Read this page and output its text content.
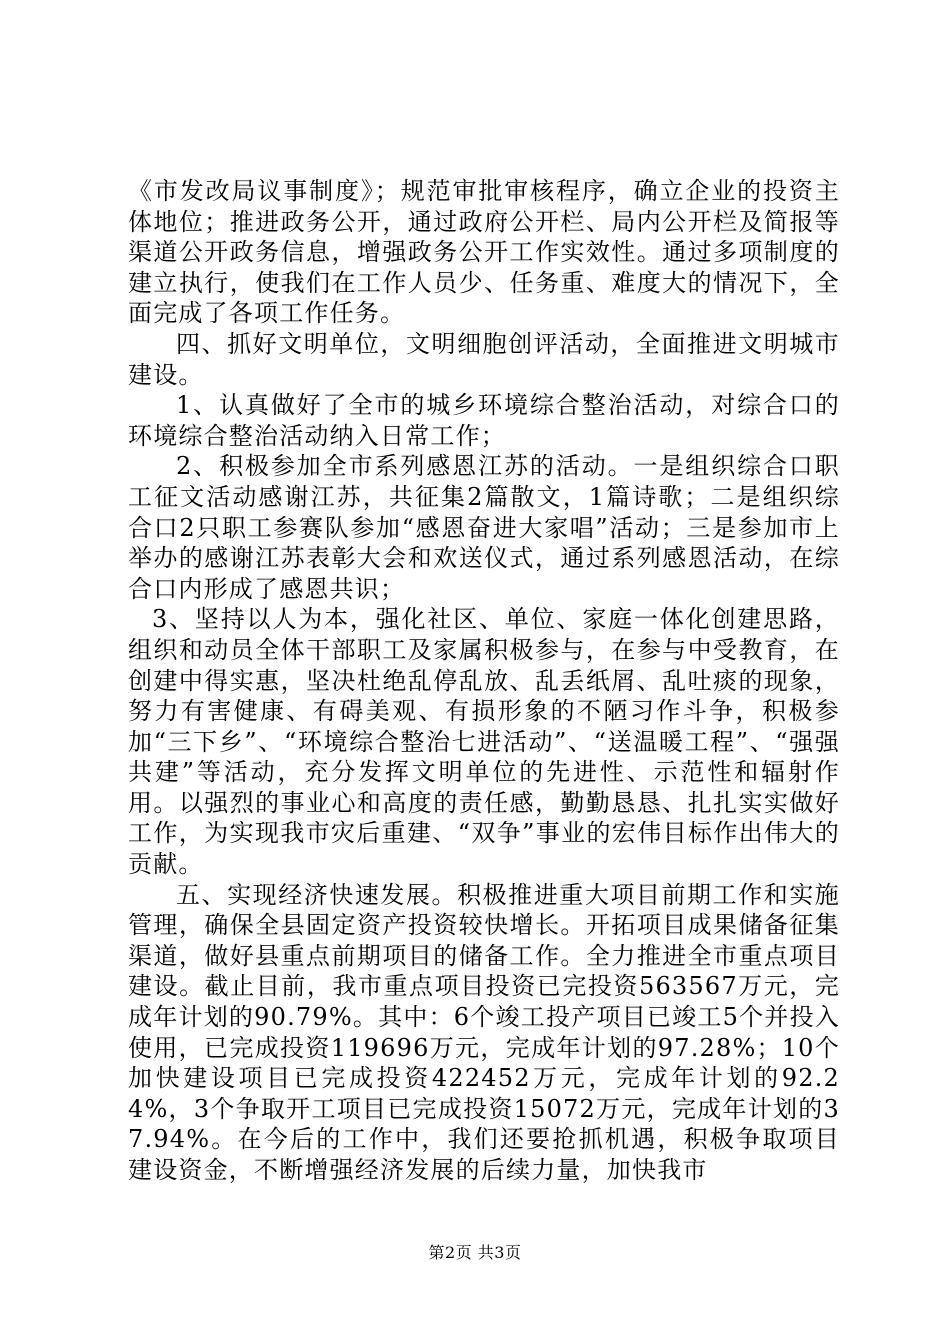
《市发改局议事制度》；规范审批审核程序，确立企业的投资主体地位；推进政务公开，通过政府公开栏、局内公开栏及简报等渠道公开政务信息，增强政务公开工作实效性。通过多项制度的建立执行，使我们在工作人员少、任务重、难度大的情况下，全面完成了各项工作任务。

四、抓好文明单位，文明细胞创评活动，全面推进文明城市建设。

1、认真做好了全市的城乡环境综合整治活动，对综合口的环境综合整治活动纳入日常工作；

2、积极参加全市系列感恩江苏的活动。一是组织综合口职工征文活动感谢江苏，共征集2篇散文，1篇诗歌；二是组织综合口2只职工参赛队参加“感恩奋进大家唱”活动；三是参加市上举办的感谢江苏表彰大会和欢送仪式，通过系列感恩活动，在综合口内形成了感恩共识；

3、坚持以人为本，强化社区、单位、家庭一体化创建思路，组织和动员全体干部职工及家属积极参与，在参与中受教育，在创建中得实惠，坚决杜绝乱停乱放、乱丢纸屑、乱吐痰的现象，努力有害健康、有碍美观、有损形象的不陋习作斗争，积极参加“三下乡”、“环境综合整治七进活动”、“送温暖工程”、“强强共建”等活动，充分发挥文明单位的先进性、示范性和辐射作用。以强烈的事业心和高度的责任感，勤勤恳恳、扎扎实实做好工作，为实现我市灾后重建、“双争”事业的宏伟目标作出伟大的贡献。

五、实现经济快速发展。积极推进重大项目前期工作和实施管理，确保全县固定资产投资较快增长。开拓项目成果储备征集渠道，做好县重点前期项目的储备工作。全力推进全市重点项目建设。截止目前，我市重点项目投资已完投资563567万元，完成年计划的90.79%。其中：6个竣工投产项目已竣工5个并投入使用，已完成投资119696万元，完成年计划的97.28%；10个加快建设项目已完成投资422452万元，完成年计划的92.24%，3个争取开工项目已完成投资15072万元，完成年计划的37.94%。在今后的工作中，我们还要抢抓机遇，积极争取项目建设资金，不断增强经济发展的后续力量，加快我市

第2页 共3页
